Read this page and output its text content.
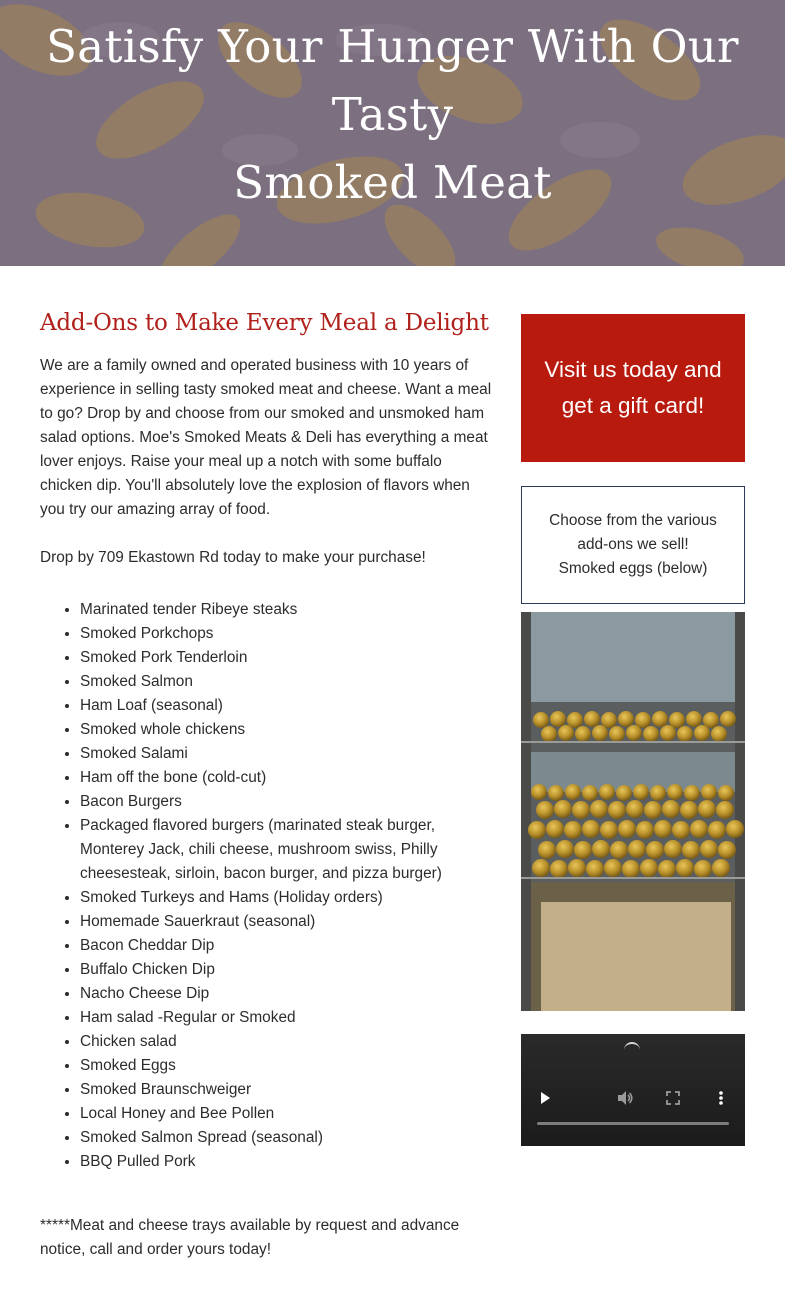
Satisfy Your Hunger With Our Tasty
Smoked Meat
Add-Ons to Make Every Meal a Delight

We are a family owned and operated business with 10 years of experience in selling tasty smoked meat and cheese. Want a meal to go? Drop by and choose from our smoked and unsmoked ham salad options. Moe's Smoked Meats & Deli has everything a meat lover enjoys. Raise your meal up a notch with some buffalo chicken dip. You'll absolutely love the explosion of flavors when you try our amazing array of food.

Drop by 709 Ekastown Rd today to make your purchase!

• Marinated tender Ribeye steaks
• Smoked Porkchops
• Smoked Pork Tenderloin
• Smoked Salmon
• Ham Loaf (seasonal)
• Smoked whole chickens
• Smoked Salami
• Ham off the bone (cold-cut)
• Bacon Burgers
• Packaged flavored burgers (marinated steak burger, Monterey Jack, chili cheese, mushroom swiss, Philly cheesesteak, sirloin, bacon burger, and pizza burger)
• Smoked Turkeys and Hams (Holiday orders)
• Homemade Sauerkraut (seasonal)
• Bacon Cheddar Dip
• Buffalo Chicken Dip
• Nacho Cheese Dip
• Ham salad -Regular or Smoked
• Chicken salad
• Smoked Eggs
• Smoked Braunschweiger
• Local Honey and Bee Pollen
• Smoked Salmon Spread (seasonal)
• BBQ Pulled Pork

*****Meat and cheese trays available by request and advance notice, call and order yours today!

Visit us today and get a gift card!
Choose from the various
add-ons we sell!
Smoked eggs (below)
